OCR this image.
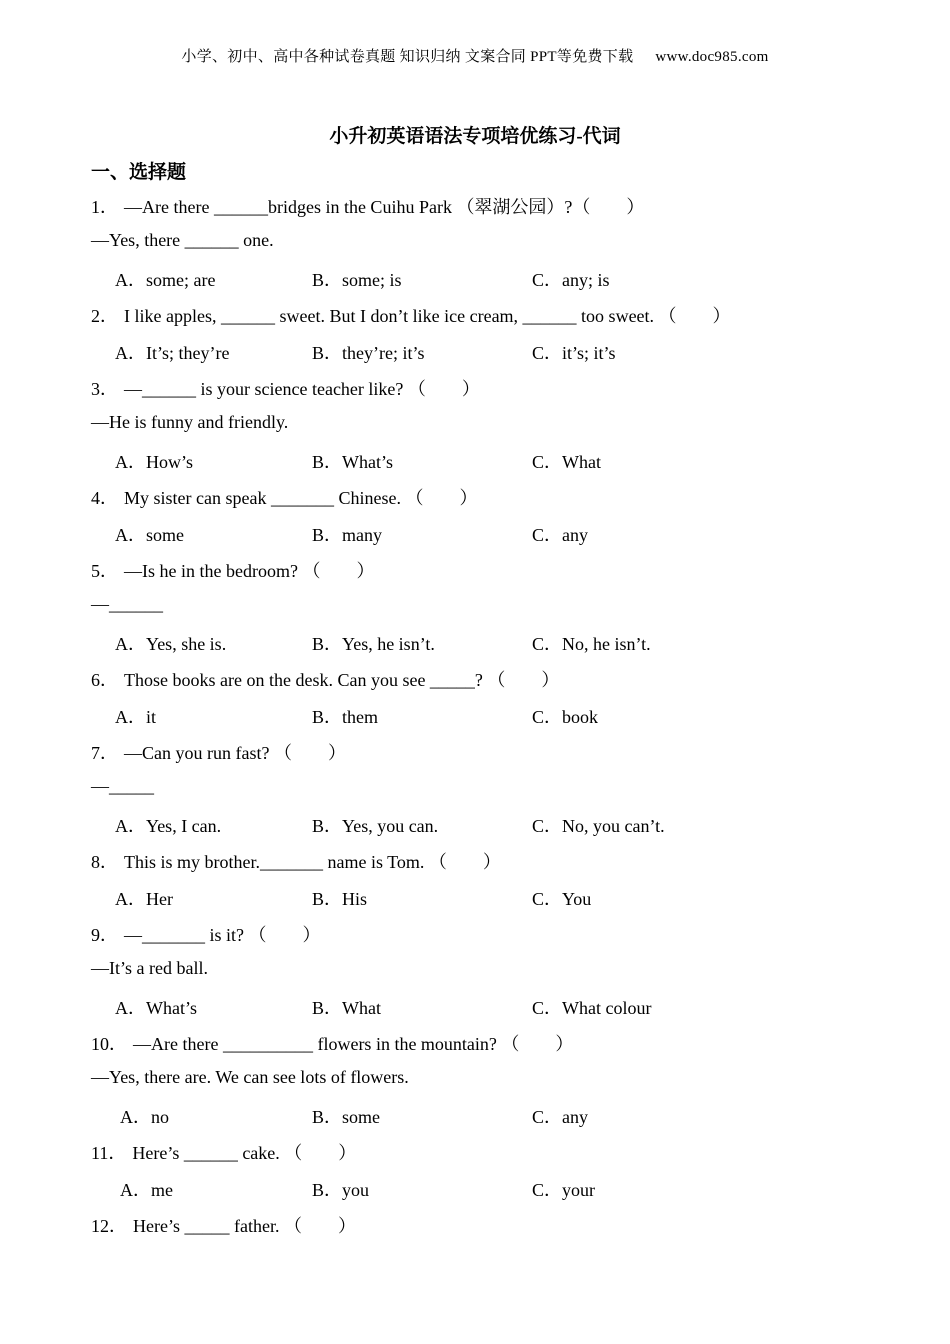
小学、初中、高中各种试卷真题 知识归纳 文案合同 PPT等免费下载 www.doc985.com
小升初英语语法专项培优练习-代词
一、选择题
1． —Are there ______bridges in the Cuihu Park （翠湖公园）?（　　）
—Yes, there ______ one.
A．some; are	B．some; is	C．any; is
2． I like apples, ______ sweet. But I don’t like ice cream, ______ too sweet. （　　）
A．It’s; they’re	B．they’re; it’s	C．it’s; it’s
3． —______ is your science teacher like? （　　）
—He is funny and friendly.
A．How’s	B．What’s	C．What
4． My sister can speak _______ Chinese. （　　）
A．some	B．many	C．any
5． —Is he in the bedroom? （　　）
—______
A．Yes, she is.	B．Yes, he isn’t.	C．No, he isn’t.
6． Those books are on the desk. Can you see _____? （　　）
A．it	B．them	C．book
7． —Can you run fast? （　　）
—_____
A．Yes, I can.	B．Yes, you can.	C．No, you can’t.
8． This is my brother._______ name is Tom. （　　）
A．Her	B．His	C．You
9． —_______ is it? （　　）
—It’s a red ball.
A．What’s	B．What	C．What colour
10． —Are there __________ flowers in the mountain? （　　）
—Yes, there are. We can see lots of flowers.
A．no	B．some	C．any
11． Here’s ______ cake. （　　）
A．me	B．you	C．your
12． Here’s _____ father. （　　）
